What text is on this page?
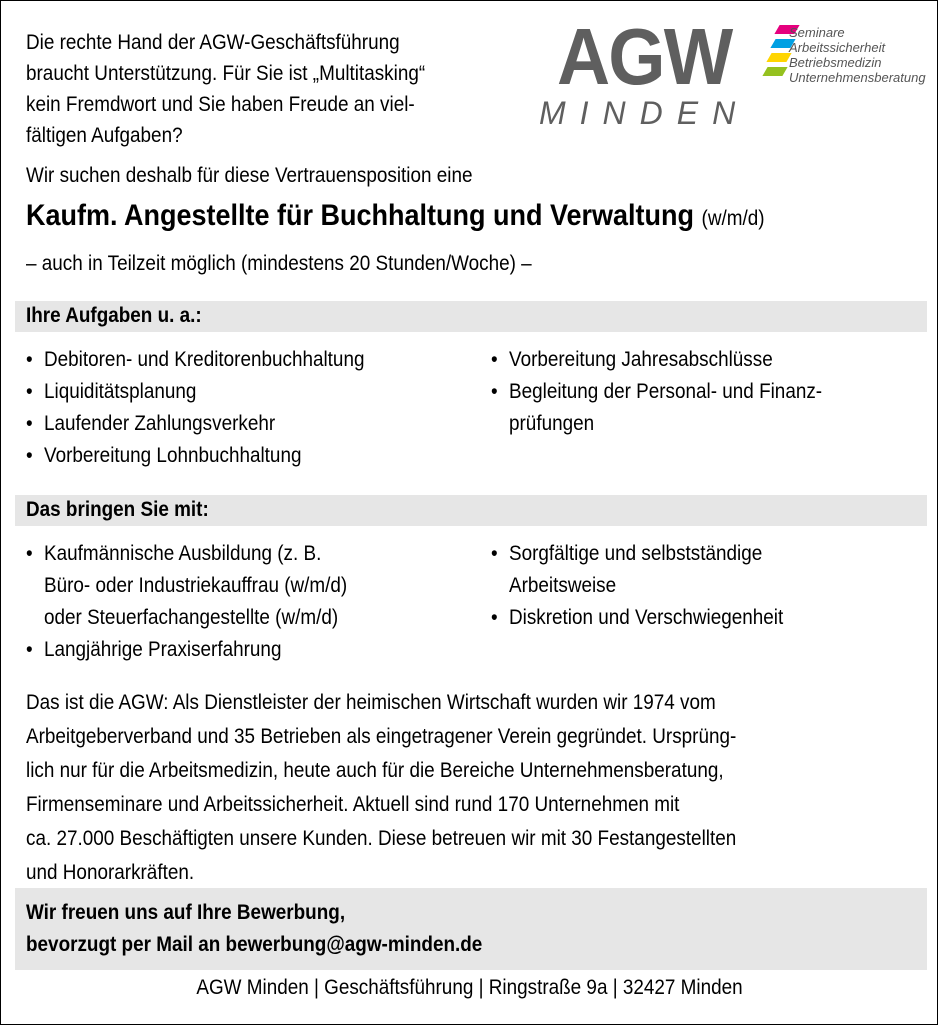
Die rechte Hand der AGW-Geschäftsführung
braucht Unterstützung. Für Sie ist „Multitasking“
kein Fremdwort und Sie haben Freude an viel-
fältigen Aufgaben?
AGW
MINDEN
Seminare
Arbeitssicherheit
Betriebsmedizin
Unternehmensberatung
Wir suchen deshalb für diese Vertrauensposition eine
Kaufm. Angestellte für Buchhaltung und Verwaltung (w/m/d)
– auch in Teilzeit möglich (mindestens 20 Stunden/Woche) –
Ihre Aufgaben u. a.:
• Debitoren- und Kreditorenbuchhaltung
• Liquiditätsplanung
• Laufender Zahlungsverkehr
• Vorbereitung Lohnbuchhaltung
• Vorbereitung Jahresabschlüsse
• Begleitung der Personal- und Finanz-
prüfungen
Das bringen Sie mit:
• Kaufmännische Ausbildung (z. B.
Büro- oder Industriekauffrau (w/m/d)
oder Steuerfachangestellte (w/m/d)
• Langjährige Praxiserfahrung
• Sorgfältige und selbstständige
Arbeitsweise
• Diskretion und Verschwiegenheit
Das ist die AGW: Als Dienstleister der heimischen Wirtschaft wurden wir 1974 vom
Arbeitgeberverband und 35 Betrieben als eingetragener Verein gegründet. Ursprüng-
lich nur für die Arbeitsmedizin, heute auch für die Bereiche Unternehmensberatung,
Firmenseminare und Arbeitssicherheit. Aktuell sind rund 170 Unternehmen mit
ca. 27.000 Beschäftigten unsere Kunden. Diese betreuen wir mit 30 Festangestellten
und Honorarkräften.
Wir freuen uns auf Ihre Bewerbung,
bevorzugt per Mail an bewerbung@agw-minden.de
AGW Minden | Geschäftsführung | Ringstraße 9a | 32427 Minden
